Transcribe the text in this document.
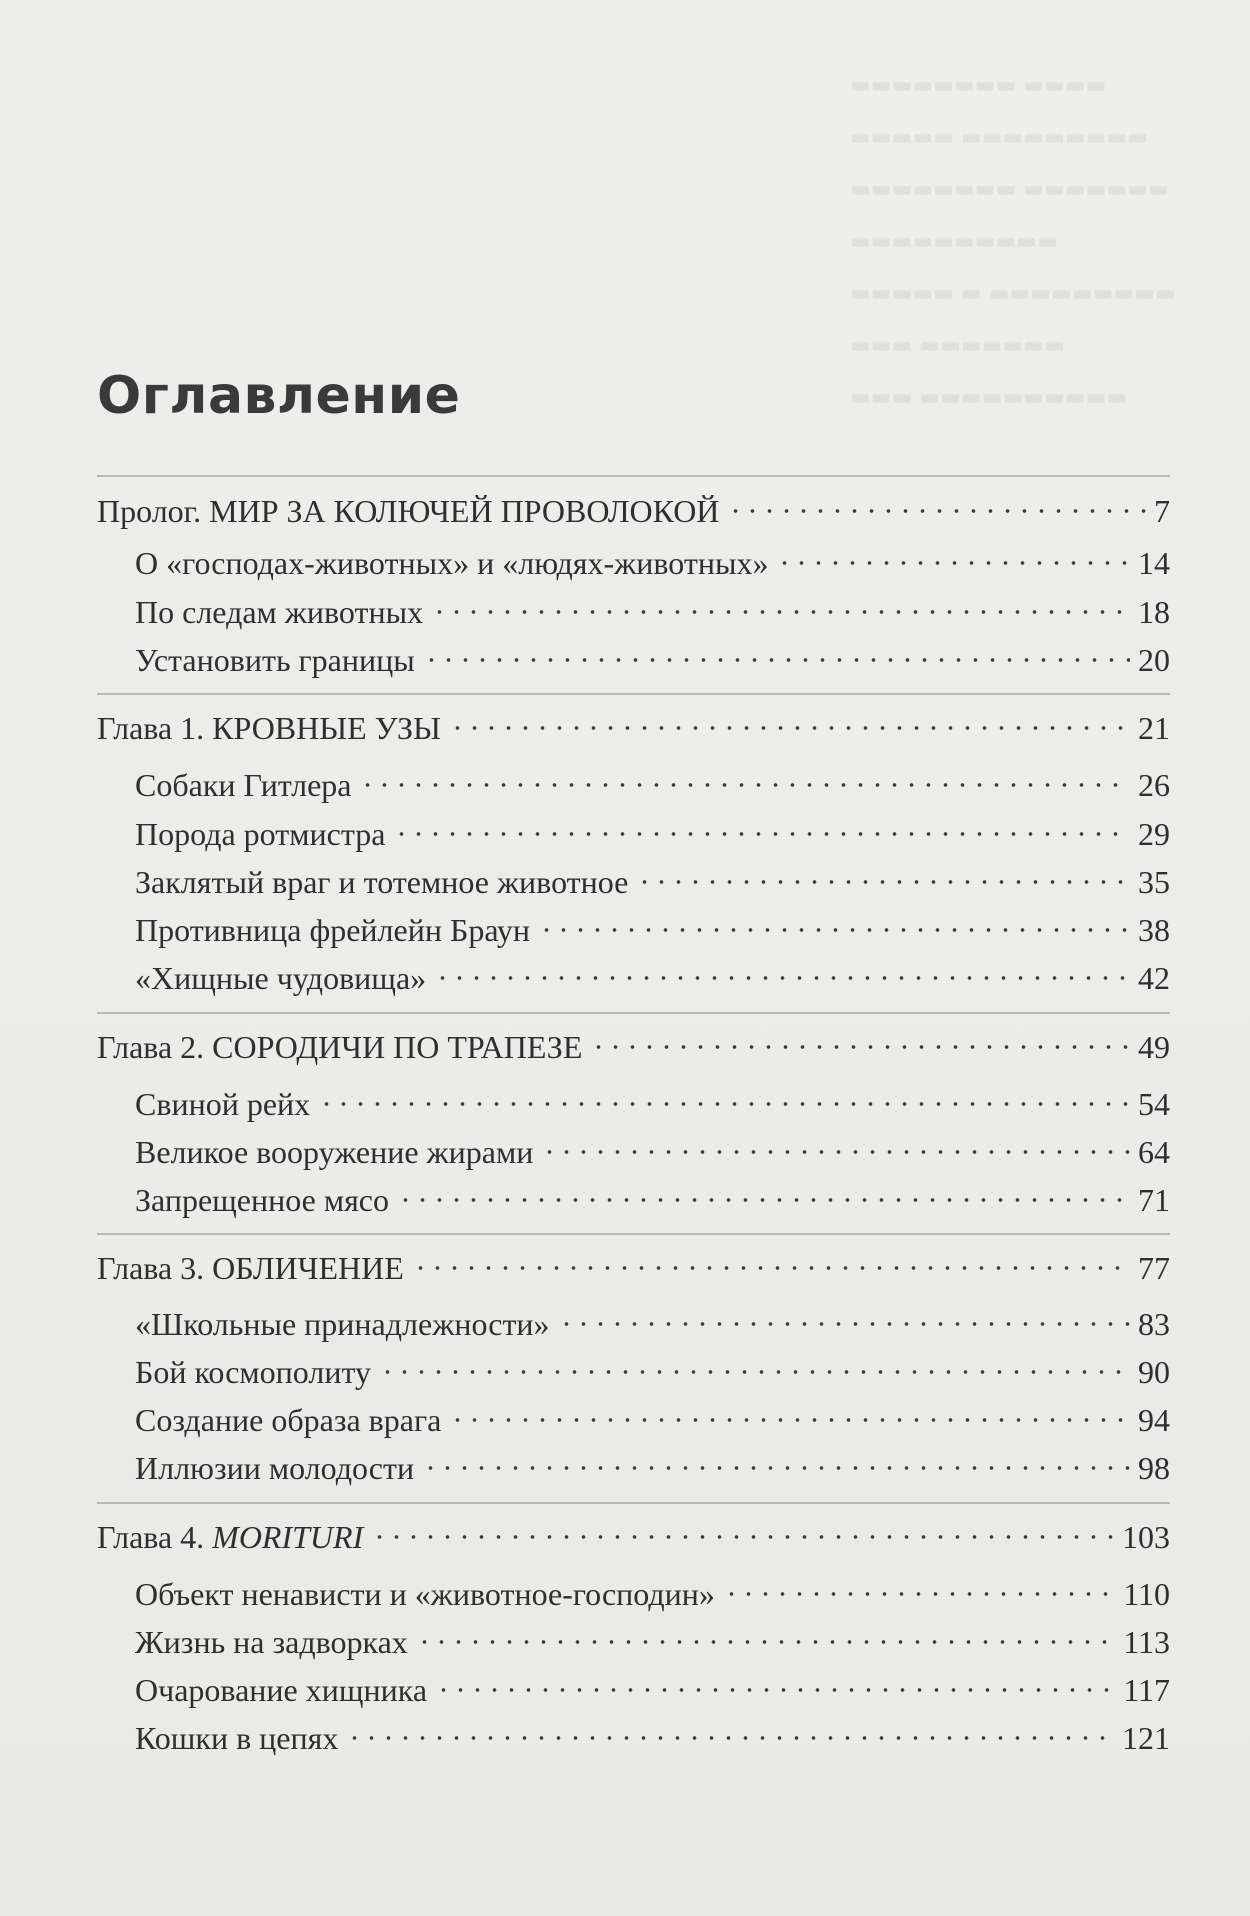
▬▬▬▬▬▬▬▬ ▬▬▬▬
▬▬▬▬▬ ▬▬▬▬▬▬▬▬▬
▬▬▬▬▬▬▬▬ ▬▬▬▬▬▬▬
▬▬▬▬▬▬▬▬▬▬
▬▬▬▬▬ ▬ ▬▬▬▬▬▬▬▬▬
▬▬▬ ▬▬▬▬▬▬▬
▬▬▬ ▬▬▬▬▬▬▬▬▬▬
Оглавление
Пролог. МИР ЗА КОЛЮЧЕЙ ПРОВОЛОКОЙ	7
О «господах-животных» и «людях-животных»	14
По следам животных	18
Установить границы	20
Глава 1. КРОВНЫЕ УЗЫ	21
Собаки Гитлера	26
Порода ротмистра	29
Заклятый враг и тотемное животное	35
Противница фрейлейн Браун	38
«Хищные чудовища»	42
Глава 2. СОРОДИЧИ ПО ТРАПЕЗЕ	49
Свиной рейх	54
Великое вооружение жирами	64
Запрещенное мясо	71
Глава 3. ОБЛИЧЕНИЕ	77
«Школьные принадлежности»	83
Бой космополиту	90
Создание образа врага	94
Иллюзии молодости	98
Глава 4. MORITURI	103
Объект ненависти и «животное-господин»	110
Жизнь на задворках	113
Очарование хищника	117
Кошки в цепях	121
